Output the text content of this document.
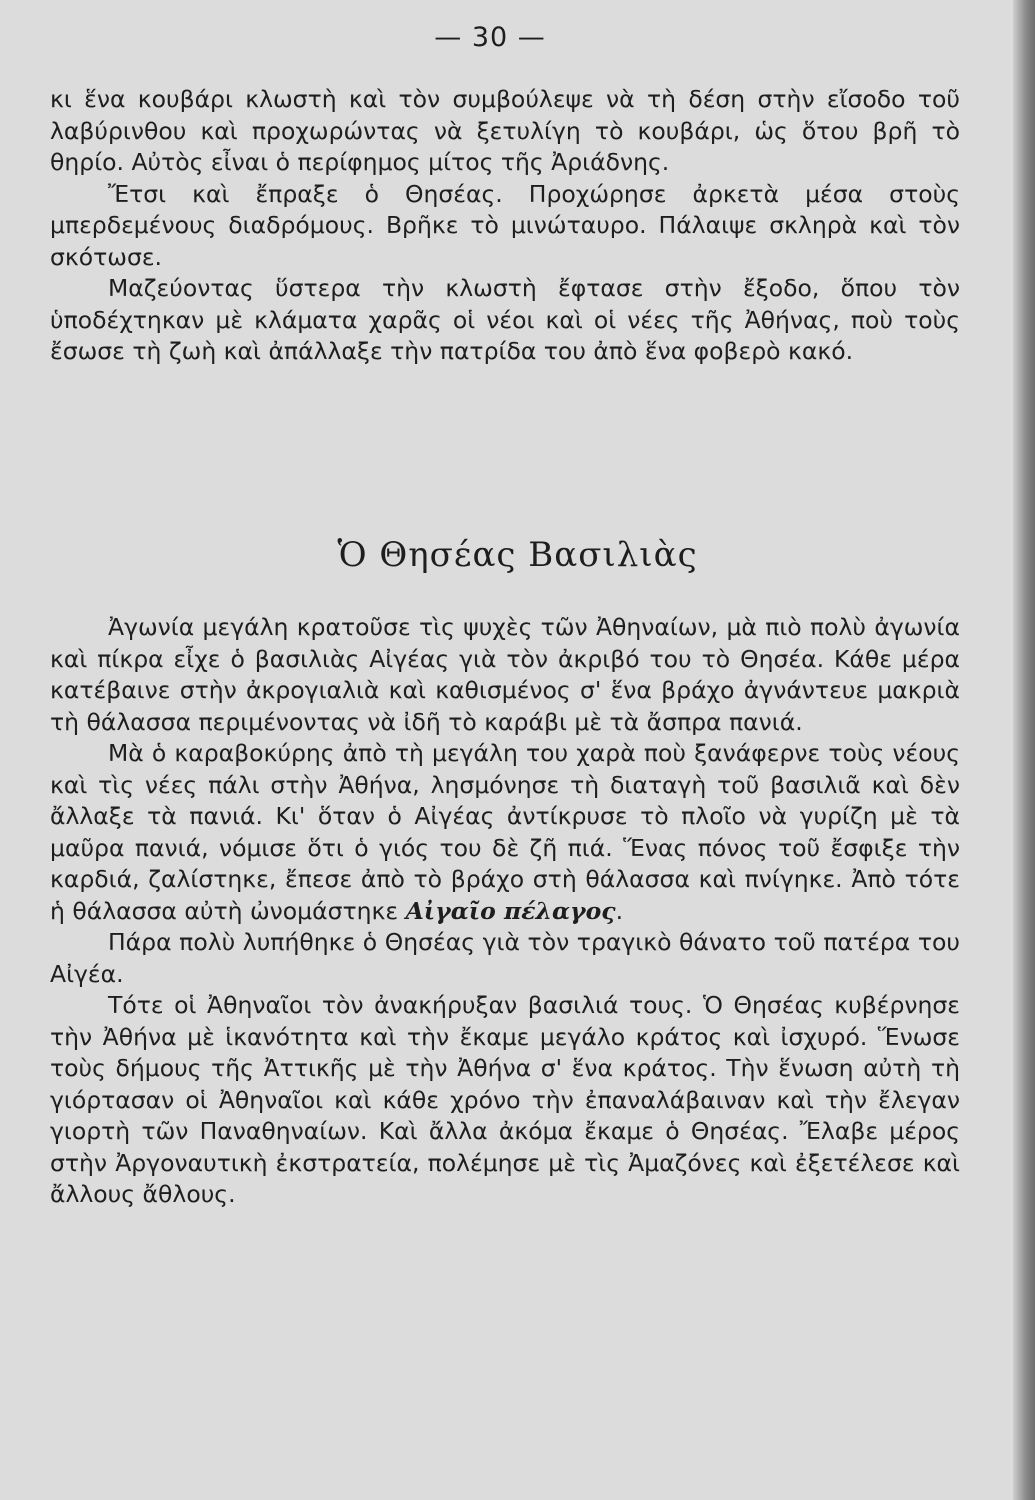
— 30 —

κι ἕνα κουβάρι κλωστὴ καὶ τὸν συμβούλεψε νὰ τὴ δέση στὴν εἴσοδο τοῦ λαβύρινθου καὶ προχωρώντας νὰ ξετυλίγη τὸ κουβάρι, ὡς ὅτου βρῆ τὸ θηρίο. Αὐτὸς εἶναι ὁ περίφημος μίτος τῆς Ἀριάδνης.

Ἔτσι καὶ ἔπραξε ὁ Θησέας. Προχώρησε ἀρκετὰ μέσα στοὺς μπερδεμένους διαδρόμους. Βρῆκε τὸ μινώταυρο. Πάλαιψε σκληρὰ καὶ τὸν σκότωσε.

Μαζεύοντας ὕστερα τὴν κλωστὴ ἔφτασε στὴν ἔξοδο, ὅπου τὸν ὑποδέχτηκαν μὲ κλάματα χαρᾶς οἱ νέοι καὶ οἱ νέες τῆς Ἀθήνας, ποὺ τοὺς ἔσωσε τὴ ζωὴ καὶ ἀπάλλαξε τὴν πατρίδα του ἀπὸ ἕνα φοβερὸ κακό.

Ὁ Θησέας Βασιλιὰς

Ἀγωνία μεγάλη κρατοῦσε τὶς ψυχὲς τῶν Ἀθηναίων, μὰ πιὸ πολὺ ἀγωνία καὶ πίκρα εἶχε ὁ βασιλιὰς Αἰγέας γιὰ τὸν ἀκριβό του τὸ Θησέα. Κάθε μέρα κατέβαινε στὴν ἀκρογιαλιὰ καὶ καθισμένος σ' ἕνα βράχο ἀγνάντευε μακριὰ τὴ θάλασσα περιμένοντας νὰ ἰδῆ τὸ καράβι μὲ τὰ ἄσπρα πανιά.

Μὰ ὁ καραβοκύρης ἀπὸ τὴ μεγάλη του χαρὰ ποὺ ξανάφερνε τοὺς νέους καὶ τὶς νέες πάλι στὴν Ἀθήνα, λησμόνησε τὴ διαταγὴ τοῦ βασιλιᾶ καὶ δὲν ἄλλαξε τὰ πανιά. Κι' ὅταν ὁ Αἰγέας ἀντίκρυσε τὸ πλοῖο νὰ γυρίζη μὲ τὰ μαῦρα πανιά, νόμισε ὅτι ὁ γιός του δὲ ζῆ πιά. Ἕνας πόνος τοῦ ἔσφιξε τὴν καρδιά, ζαλίστηκε, ἔπεσε ἀπὸ τὸ βράχο στὴ θάλασσα καὶ πνίγηκε. Ἀπὸ τότε ἡ θάλασσα αὐτὴ ὠνομάστηκε Αἰγαῖο πέλαγος.

Πάρα πολὺ λυπήθηκε ὁ Θησέας γιὰ τὸν τραγικὸ θάνατο τοῦ πατέρα του Αἰγέα.

Τότε οἱ Ἀθηναῖοι τὸν ἀνακήρυξαν βασιλιά τους. Ὁ Θησέας κυβέρνησε τὴν Ἀθήνα μὲ ἱκανότητα καὶ τὴν ἔκαμε μεγάλο κράτος καὶ ἰσχυρό. Ἕνωσε τοὺς δήμους τῆς Ἀττικῆς μὲ τὴν Ἀθήνα σ' ἕνα κράτος. Τὴν ἕνωση αὐτὴ τὴ γιόρτασαν οἱ Ἀθηναῖοι καὶ κάθε χρόνο τὴν ἐπαναλάβαιναν καὶ τὴν ἔλεγαν γιορτὴ τῶν Παναθηναίων. Καὶ ἄλλα ἀκόμα ἔκαμε ὁ Θησέας. Ἔλαβε μέρος στὴν Ἀργοναυτικὴ ἐκστρατεία, πολέμησε μὲ τὶς Ἀμαζόνες καὶ ἐξετέλεσε καὶ ἄλλους ἄθλους.
